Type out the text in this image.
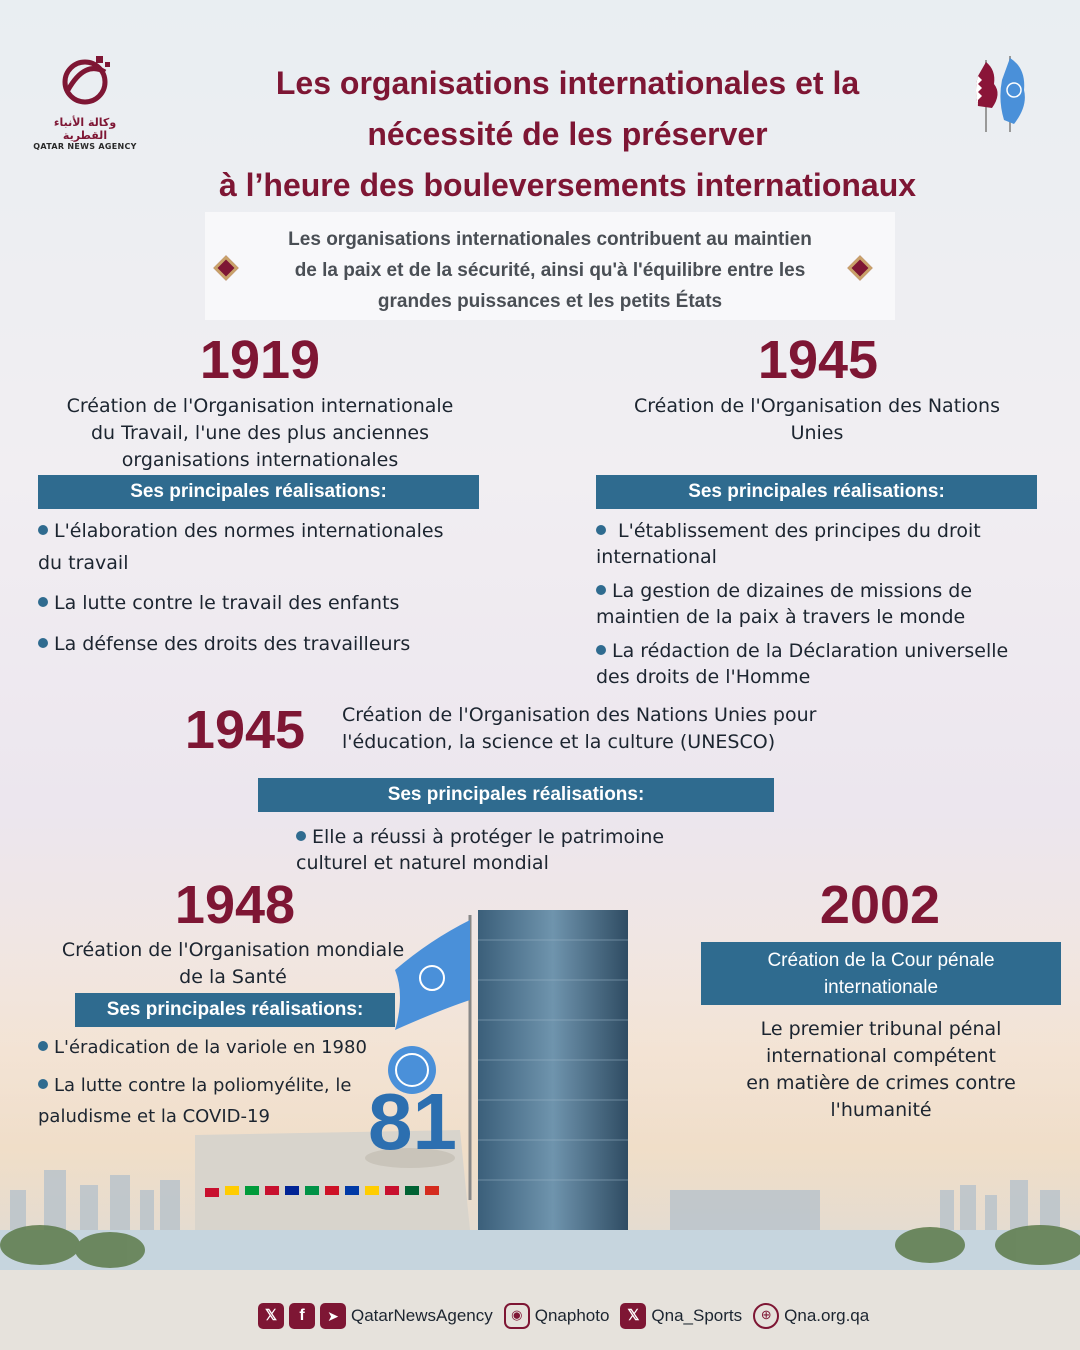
وكالة الأنباء القطرية
QATAR NEWS AGENCY
Les organisations internationales et la
nécessité de les préserver
à l’heure des bouleversements internationaux
Les organisations internationales contribuent au maintien
de la paix et de la sécurité, ainsi qu'à l'équilibre entre les
grandes puissances et les petits États
1919
Création de l'Organisation internationale
du Travail, l'une des plus anciennes
organisations internationales
Ses principales réalisations:
L'élaboration des normes internationales
du travail
La lutte contre le travail des enfants
La défense des droits des travailleurs
1945
Création de l'Organisation des Nations
Unies
Ses principales réalisations:
L'établissement des principes du droit
international
La gestion de dizaines de missions de
maintien de la paix à travers le monde
La rédaction de la Déclaration universelle
des droits de l'Homme
1945	Création de l'Organisation des Nations Unies pour
l'éducation, la science et la culture (UNESCO)
Ses principales réalisations:
Elle a réussi à protéger le patrimoine
culturel et naturel mondial
81
1948
Création de l'Organisation mondiale
de la Santé
Ses principales réalisations:
L'éradication de la variole en 1980
La lutte contre la poliomyélite, le
paludisme et la COVID-19
2002
Création de la Cour pénale
internationale
Le premier tribunal pénal
international compétent
en matière de crimes contre
l'humanité
𝕏	f	➤ QatarNewsAgency	◉ Qnaphoto	𝕏 Qna_Sports	⊕ Qna.org.qa
